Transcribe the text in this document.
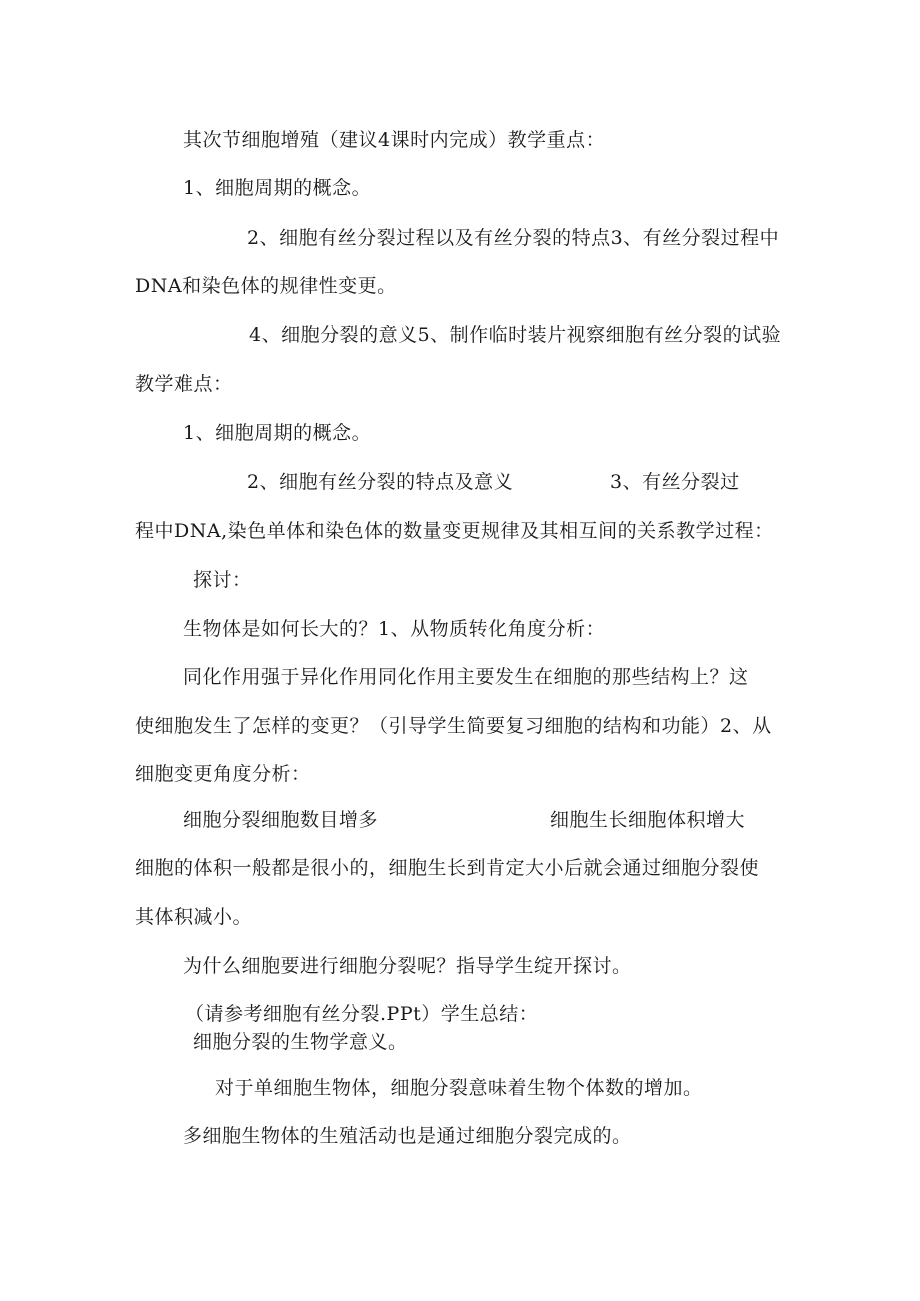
其次节细胞增殖（建议4课时内完成）教学重点：
1、细胞周期的概念。
2、细胞有丝分裂过程以及有丝分裂的特点3、有丝分裂过程中
DNA和染色体的规律性变更。
4、细胞分裂的意义5、制作临时装片视察细胞有丝分裂的试验
教学难点：
1、细胞周期的概念。
2、细胞有丝分裂的特点及意义	3、有丝分裂过
程中DNA,染色单体和染色体的数量变更规律及其相互间的关系教学过程：
探讨：
生物体是如何长大的？1、从物质转化角度分析：
同化作用强于异化作用同化作用主要发生在细胞的那些结构上？这
使细胞发生了怎样的变更？（引导学生简要复习细胞的结构和功能）2、从
细胞变更角度分析：
细胞分裂细胞数目增多	细胞生长细胞体积增大
细胞的体积一般都是很小的，细胞生长到肯定大小后就会通过细胞分裂使
其体积减小。
为什么细胞要进行细胞分裂呢？指导学生绽开探讨。
（请参考细胞有丝分裂.PPt）学生总结：
细胞分裂的生物学意义。
对于单细胞生物体，细胞分裂意味着生物个体数的增加。
多细胞生物体的生殖活动也是通过细胞分裂完成的。
